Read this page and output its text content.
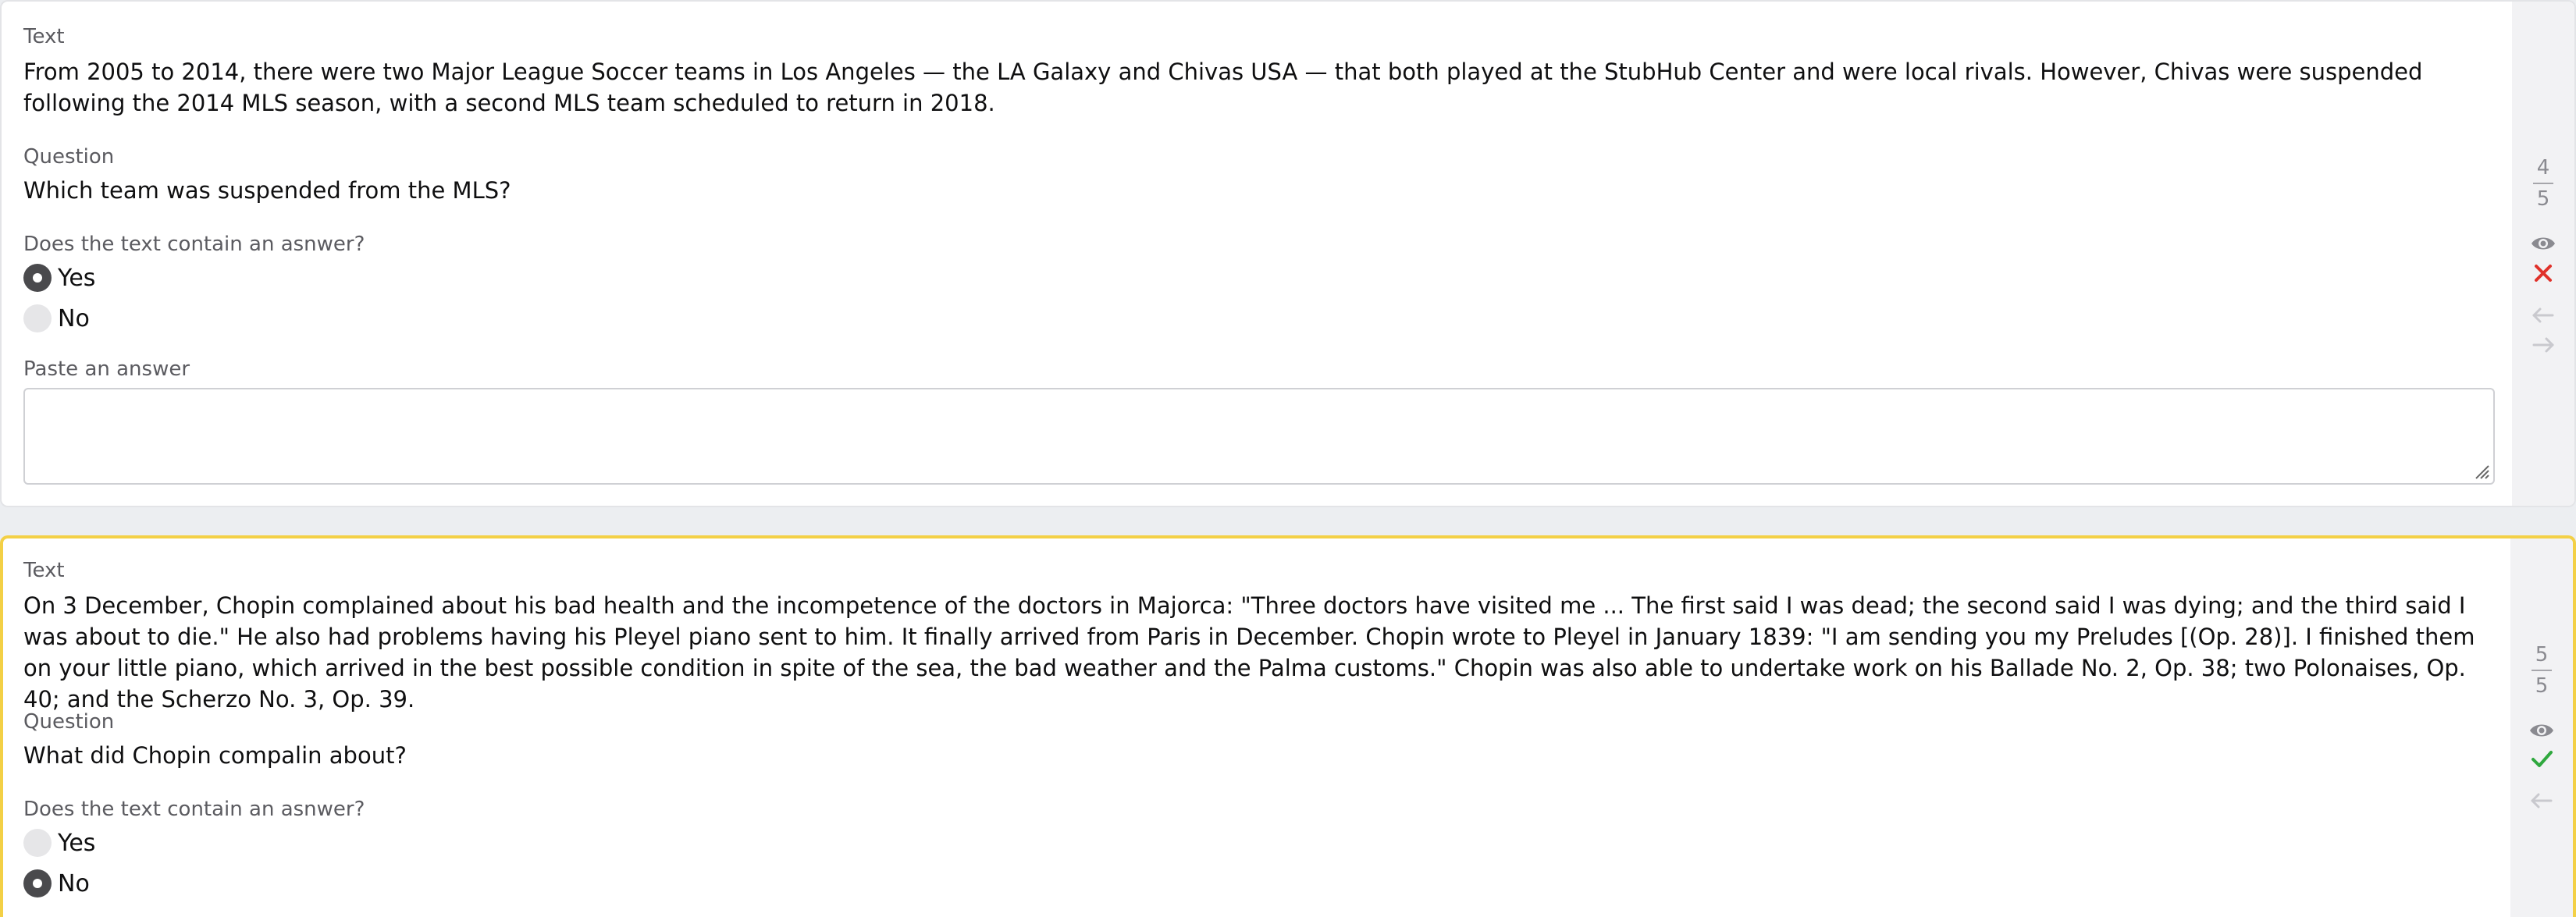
Text
From 2005 to 2014, there were two Major League Soccer teams in Los Angeles — the LA Galaxy and Chivas USA — that both played at the StubHub Center and were local rivals. However, Chivas were suspended following the 2014 MLS season, with a second MLS team scheduled to return in 2018.
Question
Which team was suspended from the MLS?
Does the text contain an asnwer?
Yes
No
Paste an answer
4
5
Text
On 3 December, Chopin complained about his bad health and the incompetence of the doctors in Majorca: "Three doctors have visited me ... The first said I was dead; the second said I was dying; and the third said I was about to die." He also had problems having his Pleyel piano sent to him. It finally arrived from Paris in December. Chopin wrote to Pleyel in January 1839: "I am sending you my Preludes [(Op. 28)]. I finished them on your little piano, which arrived in the best possible condition in spite of the sea, the bad weather and the Palma customs." Chopin was also able to undertake work on his Ballade No. 2, Op. 38; two Polonaises, Op. 40; and the Scherzo No. 3, Op. 39.
Question
What did Chopin compalin about?
Does the text contain an asnwer?
Yes
No
5
5
